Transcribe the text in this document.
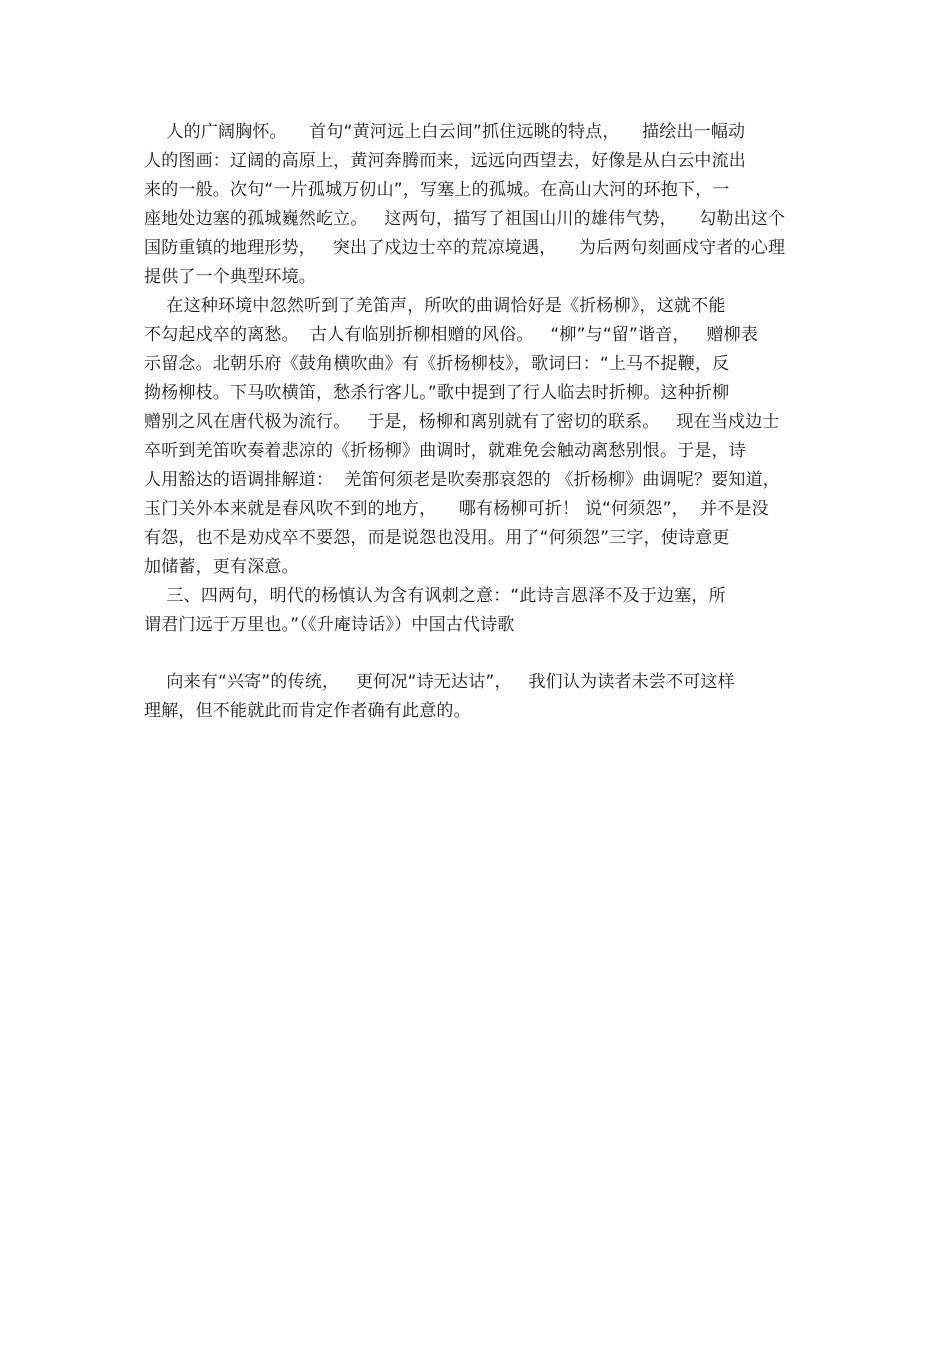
人的广阔胸怀。    首句“黄河远上白云间”抓住远眺的特点，    描绘出一幅动
人的图画：辽阔的高原上，黄河奔腾而来，远远向西望去，好像是从白云中流出
来的一般。次句“一片孤城万仞山”，写塞上的孤城。在高山大河的环抱下，一
座地处边塞的孤城巍然屹立。   这两句，描写了祖国山川的雄伟气势，    勾勒出这个
国防重镇的地理形势，   突出了戍边士卒的荒凉境遇，    为后两句刻画戍守者的心理
提供了一个典型环境。
在这种环境中忽然听到了羌笛声，所吹的曲调恰好是《折杨柳》，这就不能
不勾起戍卒的离愁。  古人有临别折柳相赠的风俗。   “柳”与“留”谐音，   赠柳表
示留念。北朝乐府《鼓角横吹曲》有《折杨柳枝》，歌词曰：“上马不捉鞭，反
拗杨柳枝。下马吹横笛，愁杀行客儿。”歌中提到了行人临去时折柳。这种折柳
赠别之风在唐代极为流行。   于是，杨柳和离别就有了密切的联系。   现在当戍边士
卒听到羌笛吹奏着悲凉的《折杨柳》曲调时，就难免会触动离愁别恨。于是，诗
人用豁达的语调排解道：  羌笛何须老是吹奏那哀怨的 《折杨柳》曲调呢？要知道，
玉门关外本来就是春风吹不到的地方，    哪有杨柳可折！ 说“何须怨”，  并不是没
有怨，也不是劝戍卒不要怨，而是说怨也没用。用了“何须怨”三字，使诗意更
加储蓄，更有深意。
三、四两句，明代的杨慎认为含有讽刺之意：“此诗言恩泽不及于边塞，所
谓君门远于万里也。”（《升庵诗话》）中国古代诗歌
向来有“兴寄”的传统，   更何况“诗无达诂”，   我们认为读者未尝不可这样
理解，但不能就此而肯定作者确有此意的。
